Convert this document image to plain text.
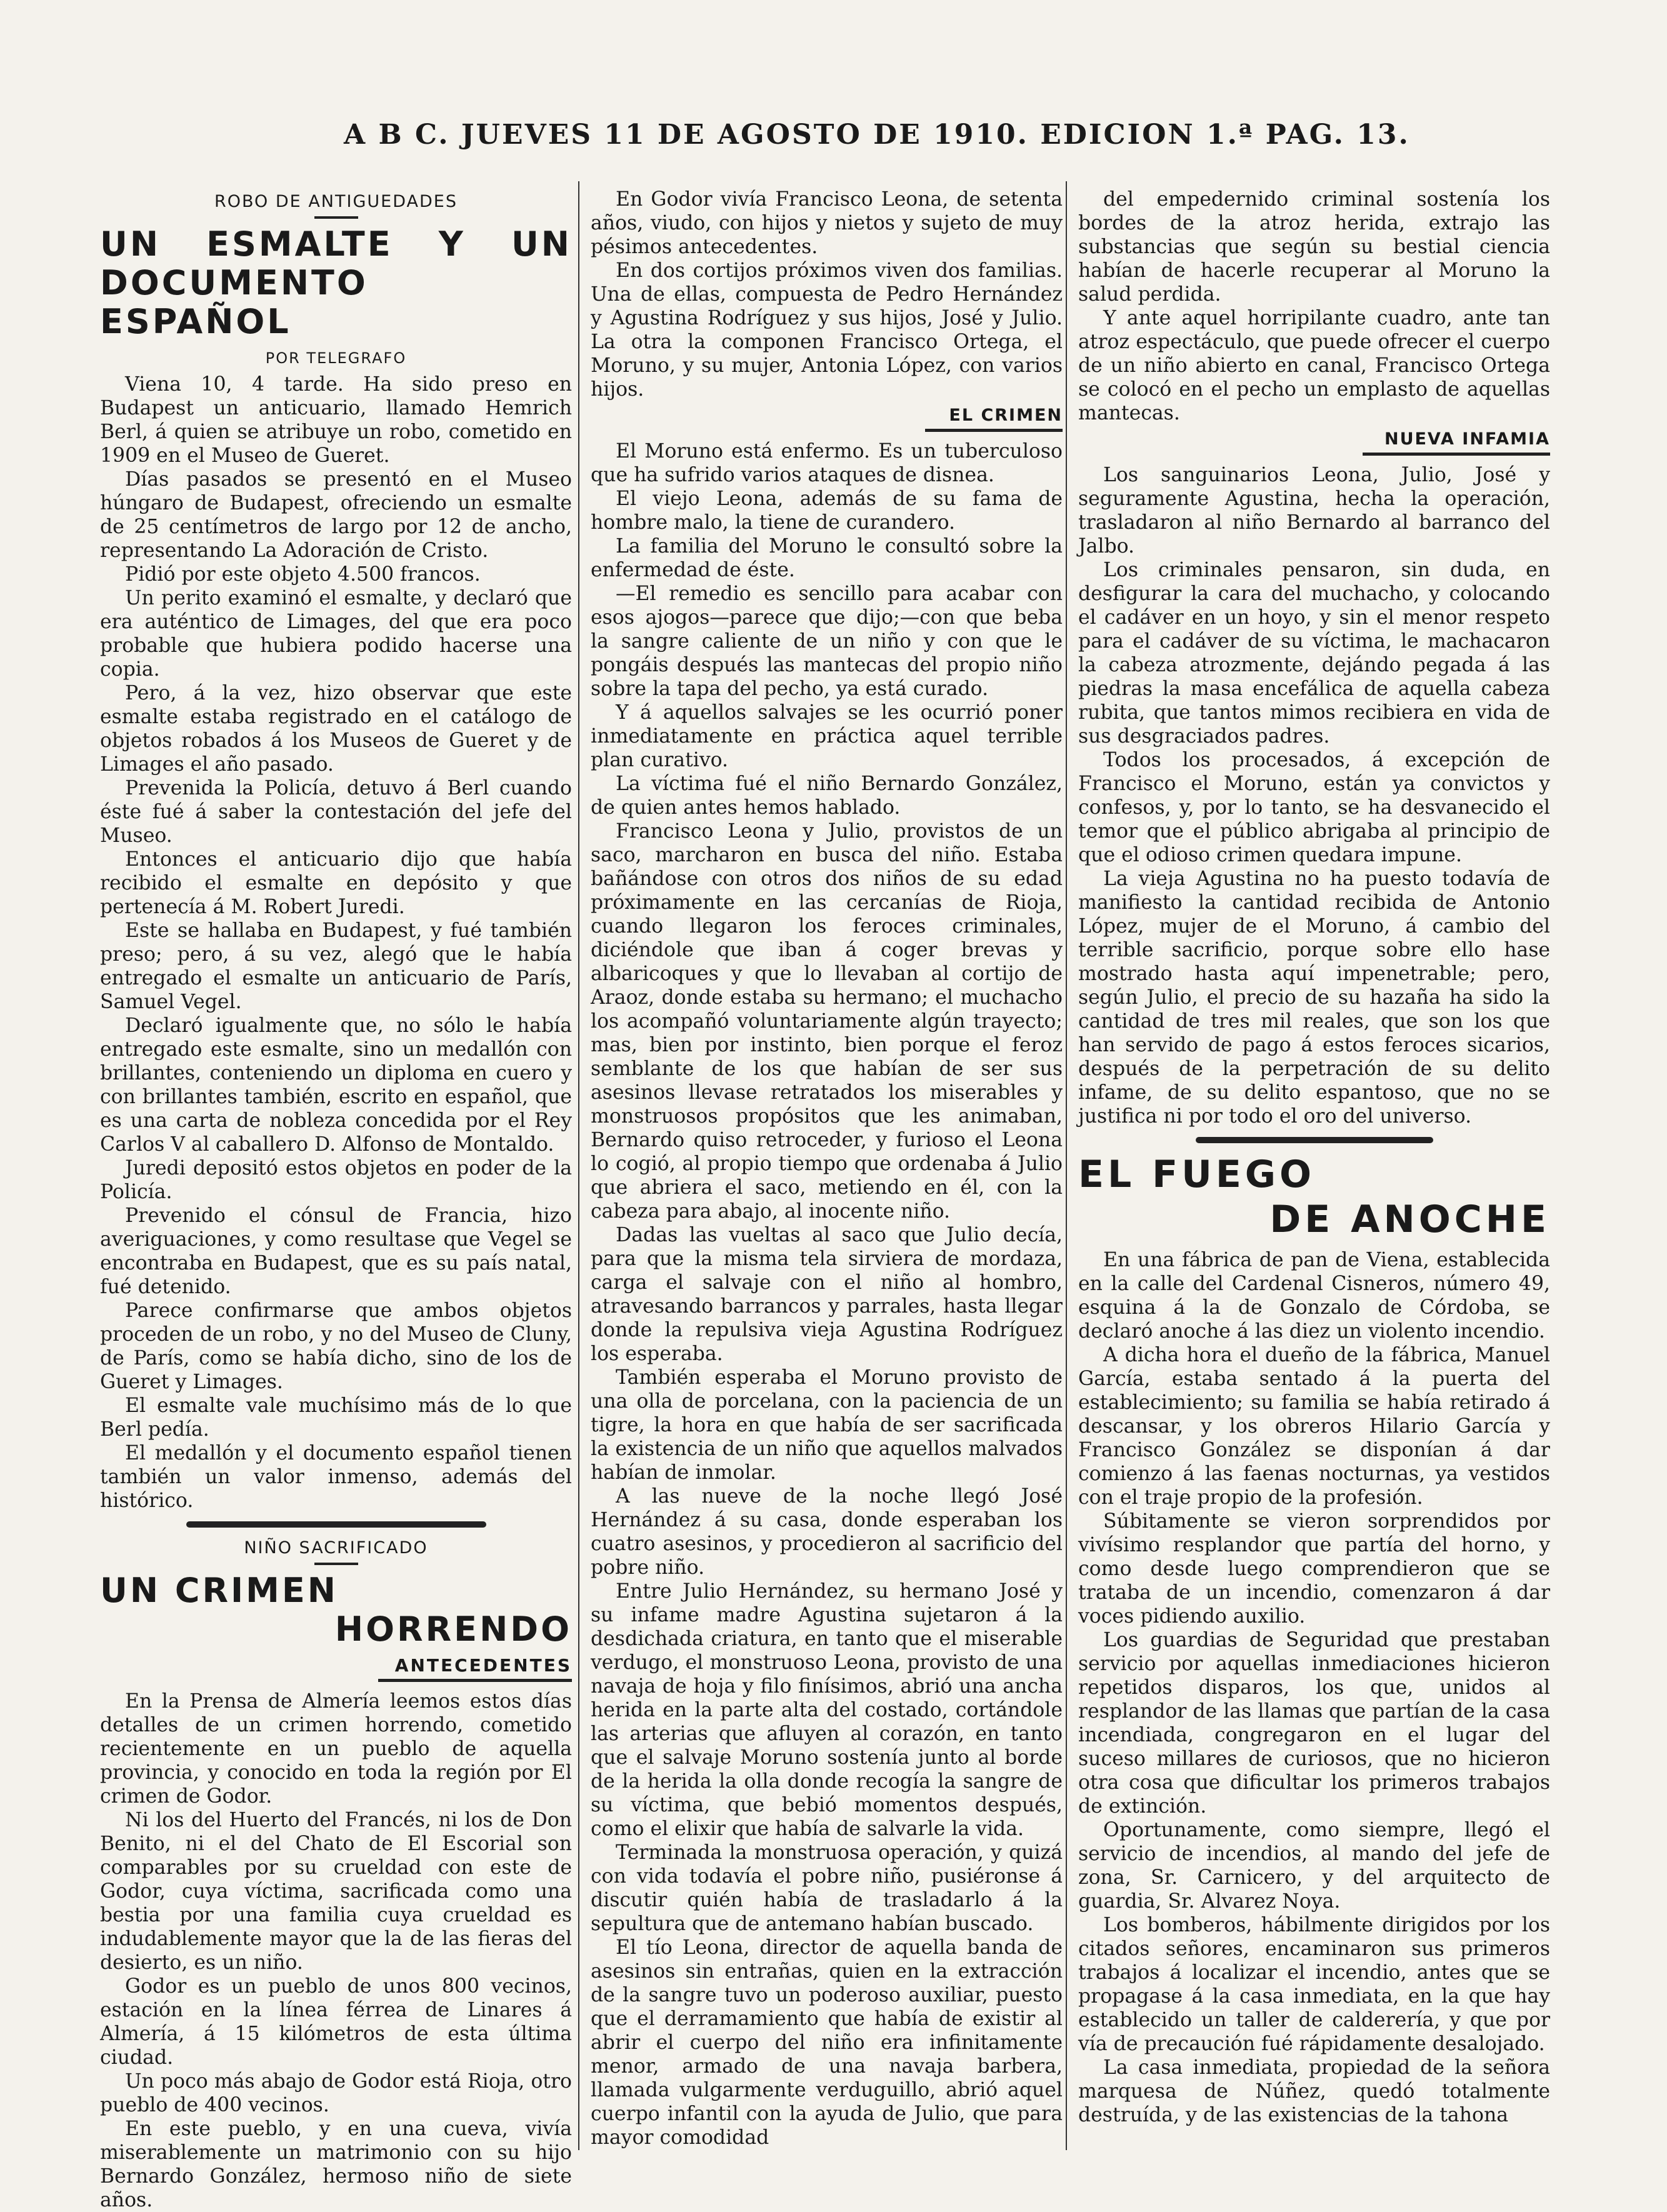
A B C. JUEVES 11 DE AGOSTO DE 1910. EDICION 1.ª PAG. 13.
ROBO DE ANTIGUEDADES
UN ESMALTE Y UN DOCUMENTO ESPAÑOL
POR TELEGRAFO

Viena 10, 4 tarde. Ha sido preso en Budapest un anticuario, llamado Hemrich Berl, á quien se atribuye un robo, cometido en 1909 en el Museo de Gueret.

Días pasados se presentó en el Museo húngaro de Budapest, ofreciendo un esmalte de 25 centímetros de largo por 12 de ancho, representando La Adoración de Cristo.

Pidió por este objeto 4.500 francos.

Un perito examinó el esmalte, y declaró que era auténtico de Limages, del que era poco probable que hubiera podido hacerse una copia.

Pero, á la vez, hizo observar que este esmalte estaba registrado en el catálogo de objetos robados á los Museos de Gueret y de Limages el año pasado.

Prevenida la Policía, detuvo á Berl cuando éste fué á saber la contestación del jefe del Museo.

Entonces el anticuario dijo que había recibido el esmalte en depósito y que pertenecía á M. Robert Juredi.

Este se hallaba en Budapest, y fué también preso; pero, á su vez, alegó que le había entregado el esmalte un anticuario de París, Samuel Vegel.

Declaró igualmente que, no sólo le había entregado este esmalte, sino un medallón con brillantes, conteniendo un diploma en cuero y con brillantes también, escrito en español, que es una carta de nobleza concedida por el Rey Carlos V al caballero D. Alfonso de Montaldo.

Juredi depositó estos objetos en poder de la Policía.

Prevenido el cónsul de Francia, hizo averiguaciones, y como resultase que Vegel se encontraba en Budapest, que es su país natal, fué detenido.

Parece confirmarse que ambos objetos proceden de un robo, y no del Museo de Cluny, de París, como se había dicho, sino de los de Gueret y Limages.

El esmalte vale muchísimo más de lo que Berl pedía.

El medallón y el documento español tienen también un valor inmenso, además del histórico.

NIÑO SACRIFICADO
UN CRIMEN
HORRENDO
ANTECEDENTES

En la Prensa de Almería leemos estos días detalles de un crimen horrendo, cometido recientemente en un pueblo de aquella provincia, y conocido en toda la región por El crimen de Godor.

Ni los del Huerto del Francés, ni los de Don Benito, ni el del Chato de El Escorial son comparables por su crueldad con este de Godor, cuya víctima, sacrificada como una bestia por una familia cuya crueldad es indudablemente mayor que la de las fieras del desierto, es un niño.

Godor es un pueblo de unos 800 vecinos, estación en la línea férrea de Linares á Almería, á 15 kilómetros de esta última ciudad.

Un poco más abajo de Godor está Rioja, otro pueblo de 400 vecinos.

En este pueblo, y en una cueva, vivía miserablemente un matrimonio con su hijo Bernardo González, hermoso niño de siete años.

En Godor vivía Francisco Leona, de setenta años, viudo, con hijos y nietos y sujeto de muy pésimos antecedentes.

En dos cortijos próximos viven dos familias. Una de ellas, compuesta de Pedro Hernández y Agustina Rodríguez y sus hijos, José y Julio. La otra la componen Francisco Ortega, el Moruno, y su mujer, Antonia López, con varios hijos.

EL CRIMEN

El Moruno está enfermo. Es un tuberculoso que ha sufrido varios ataques de disnea.

El viejo Leona, además de su fama de hombre malo, la tiene de curandero.

La familia del Moruno le consultó sobre la enfermedad de éste.

—El remedio es sencillo para acabar con esos ajogos—parece que dijo;—con que beba la sangre caliente de un niño y con que le pongáis después las mantecas del propio niño sobre la tapa del pecho, ya está curado.

Y á aquellos salvajes se les ocurrió poner inmediatamente en práctica aquel terrible plan curativo.

La víctima fué el niño Bernardo González, de quien antes hemos hablado.

Francisco Leona y Julio, provistos de un saco, marcharon en busca del niño. Estaba bañándose con otros dos niños de su edad próximamente en las cercanías de Rioja, cuando llegaron los feroces criminales, diciéndole que iban á coger brevas y albaricoques y que lo llevaban al cortijo de Araoz, donde estaba su hermano; el muchacho los acompañó voluntariamente algún trayecto; mas, bien por instinto, bien porque el feroz semblante de los que habían de ser sus asesinos llevase retratados los miserables y monstruosos propósitos que les animaban, Bernardo quiso retroceder, y furioso el Leona lo cogió, al propio tiempo que ordenaba á Julio que abriera el saco, metiendo en él, con la cabeza para abajo, al inocente niño.

Dadas las vueltas al saco que Julio decía, para que la misma tela sirviera de mordaza, carga el salvaje con el niño al hombro, atravesando barrancos y parrales, hasta llegar donde la repulsiva vieja Agustina Rodríguez los esperaba.

También esperaba el Moruno provisto de una olla de porcelana, con la paciencia de un tigre, la hora en que había de ser sacrificada la existencia de un niño que aquellos malvados habían de inmolar.

A las nueve de la noche llegó José Hernández á su casa, donde esperaban los cuatro asesinos, y procedieron al sacrificio del pobre niño.

Entre Julio Hernández, su hermano José y su infame madre Agustina sujetaron á la desdichada criatura, en tanto que el miserable verdugo, el monstruoso Leona, provisto de una navaja de hoja y filo finísimos, abrió una ancha herida en la parte alta del costado, cortándole las arterias que afluyen al corazón, en tanto que el salvaje Moruno sostenía junto al borde de la herida la olla donde recogía la sangre de su víctima, que bebió momentos después, como el elixir que había de salvarle la vida.

Terminada la monstruosa operación, y quizá con vida todavía el pobre niño, pusiéronse á discutir quién había de trasladarlo á la sepultura que de antemano habían buscado.

El tío Leona, director de aquella banda de asesinos sin entrañas, quien en la extracción de la sangre tuvo un poderoso auxiliar, puesto que el derramamiento que había de existir al abrir el cuerpo del niño era infinitamente menor, armado de una navaja barbera, llamada vulgarmente verduguillo, abrió aquel cuerpo infantil con la ayuda de Julio, que para mayor comodidad

del empedernido criminal sostenía los bordes de la atroz herida, extrajo las substancias que según su bestial ciencia habían de hacerle recuperar al Moruno la salud perdida.

Y ante aquel horripilante cuadro, ante tan atroz espectáculo, que puede ofrecer el cuerpo de un niño abierto en canal, Francisco Ortega se colocó en el pecho un emplasto de aquellas mantecas.

NUEVA INFAMIA

Los sanguinarios Leona, Julio, José y seguramente Agustina, hecha la operación, trasladaron al niño Bernardo al barranco del Jalbo.

Los criminales pensaron, sin duda, en desfigurar la cara del muchacho, y colocando el cadáver en un hoyo, y sin el menor respeto para el cadáver de su víctima, le machacaron la cabeza atrozmente, dejándo pegada á las piedras la masa encefálica de aquella cabeza rubita, que tantos mimos recibiera en vida de sus desgraciados padres.

Todos los procesados, á excepción de Francisco el Moruno, están ya convictos y confesos, y, por lo tanto, se ha desvanecido el temor que el público abrigaba al principio de que el odioso crimen quedara impune.

La vieja Agustina no ha puesto todavía de manifiesto la cantidad recibida de Antonio López, mujer de el Moruno, á cambio del terrible sacrificio, porque sobre ello hase mostrado hasta aquí impenetrable; pero, según Julio, el precio de su hazaña ha sido la cantidad de tres mil reales, que son los que han servido de pago á estos feroces sicarios, después de la perpetración de su delito infame, de su delito espantoso, que no se justifica ni por todo el oro del universo.

EL FUEGO
DE ANOCHE

En una fábrica de pan de Viena, establecida en la calle del Cardenal Cisneros, número 49, esquina á la de Gonzalo de Córdoba, se declaró anoche á las diez un violento incendio.

A dicha hora el dueño de la fábrica, Manuel García, estaba sentado á la puerta del establecimiento; su familia se había retirado á descansar, y los obreros Hilario García y Francisco González se disponían á dar comienzo á las faenas nocturnas, ya vestidos con el traje propio de la profesión.

Súbitamente se vieron sorprendidos por vivísimo resplandor que partía del horno, y como desde luego comprendieron que se trataba de un incendio, comenzaron á dar voces pidiendo auxilio.

Los guardias de Seguridad que prestaban servicio por aquellas inmediaciones hicieron repetidos disparos, los que, unidos al resplandor de las llamas que partían de la casa incendiada, congregaron en el lugar del suceso millares de curiosos, que no hicieron otra cosa que dificultar los primeros trabajos de extinción.

Oportunamente, como siempre, llegó el servicio de incendios, al mando del jefe de zona, Sr. Carnicero, y del arquitecto de guardia, Sr. Alvarez Noya.

Los bomberos, hábilmente dirigidos por los citados señores, encaminaron sus primeros trabajos á localizar el incendio, antes que se propagase á la casa inmediata, en la que hay establecido un taller de calderería, y que por vía de precaución fué rápidamente desalojado.

La casa inmediata, propiedad de la señora marquesa de Núñez, quedó totalmente destruída, y de las existencias de la tahona
